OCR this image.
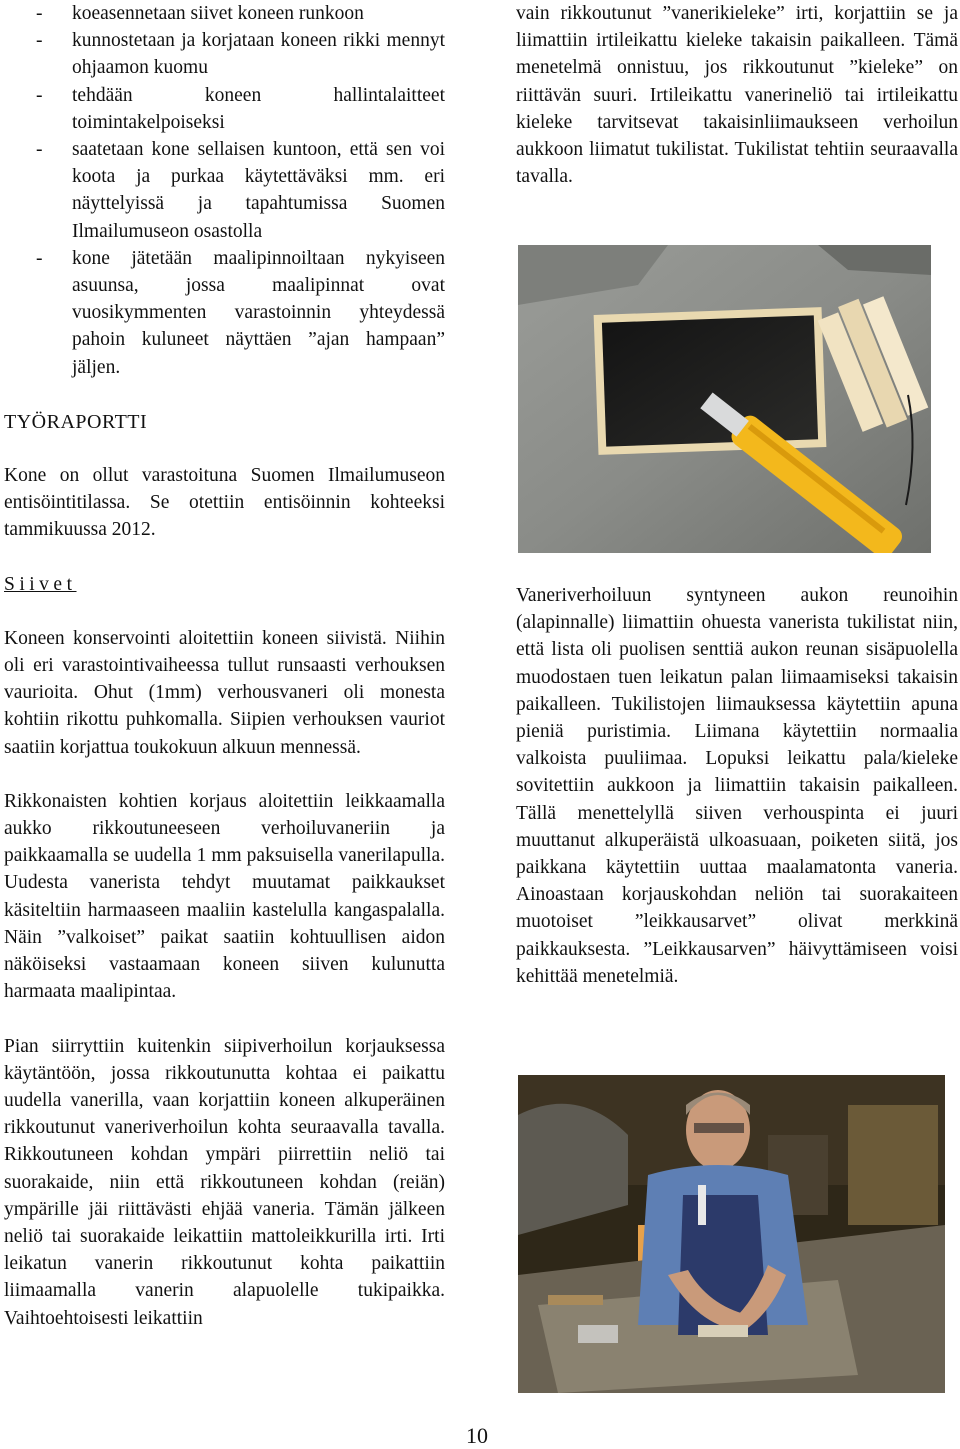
- koeasennetaan siivet koneen runkoon
- kunnostetaan ja korjataan koneen rikki mennyt ohjaamon kuomu
- tehdään koneen hallintalaitteet toimintakelpoiseksi
- saatetaan kone sellaisen kuntoon, että sen voi koota ja purkaa käytettäväksi mm. eri näyttelyissä ja tapahtumissa Suomen Ilmailumuseon osastolla
- kone jätetään maalipinnoiltaan nykyiseen asuunsa, jossa maalipinnat ovat vuosikymmenten varastoinnin yhteydessä pahoin kuluneet näyttäen ”ajan hampaan” jäljen.

TYÖRAPORTTI

Kone on ollut varastoituna Suomen Ilmailumuseon entisöintitilassa. Se otettiin entisöinnin kohteeksi tammikuussa 2012.

Siivet

Koneen konservointi aloitettiin koneen siivistä. Niihin oli eri varastointivaiheessa tullut runsaasti verhouksen vaurioita. Ohut (1mm) verhousvaneri oli monesta kohtiin rikottu puhkomalla. Siipien verhouksen vauriot saatiin korjattua toukokuun alkuun mennessä.

Rikkonaisten kohtien korjaus aloitettiin leikkaamalla aukko rikkoutuneeseen verhoiluvaneriin ja paikkaamalla se uudella 1 mm paksuisella vanerilapulla. Uudesta vanerista tehdyt muutamat paikkaukset käsiteltiin harmaaseen maaliin kastelulla kangaspalalla. Näin ”valkoiset” paikat saatiin kohtuullisen aidon näköiseksi vastaamaan koneen siiven kulunutta harmaata maalipintaa.

Pian siirryttiin kuitenkin siipiverhoilun korjauksessa käytäntöön, jossa rikkoutunutta kohtaa ei paikattu uudella vanerilla, vaan korjattiin koneen alkuperäinen rikkoutunut vaneriverhoilun kohta seuraavalla tavalla. Rikkoutuneen kohdan ympäri piirrettiin neliö tai suorakaide, niin että rikkoutuneen kohdan (reiän) ympärille jäi riittävästi ehjää vaneria. Tämän jälkeen neliö tai suorakaide leikattiin mattoleikkurilla irti. Irti leikatun vanerin rikkoutunut kohta paikattiin liimaamalla vanerin alapuolelle tukipaikka. Vaihtoehtoisesti leikattiin

vain rikkoutunut ”vanerikieleke” irti, korjattiin se ja liimattiin irtileikattu kieleke takaisin paikalleen. Tämä menetelmä onnistuu, jos rikkoutunut ”kieleke” on riittävän suuri. Irtileikattu vanerineliö tai irtileikattu kieleke tarvitsevat takaisinliimaukseen verhoilun aukkoon liimatut tukilistat. Tukilistat tehtiin seuraavalla tavalla.

Vaneriverhoiluun syntyneen aukon reunoihin (alapinnalle) liimattiin ohuesta vanerista tukilistat niin, että lista oli puolisen senttiä aukon reunan sisäpuolella muodostaen tuen leikatun palan liimaamiseksi takaisin paikalleen. Tukilistojen liimauksessa käytettiin apuna pieniä puristimia. Liimana käytettiin normaalia valkoista puuliimaa. Lopuksi leikattu pala/kieleke sovitettiin aukkoon ja liimattiin takaisin paikalleen. Tällä menettelyllä siiven verhouspinta ei juuri muuttanut alkuperäistä ulkoasuaan, poiketen siitä, jos paikkana käytettiin uuttaa maalamatonta vaneria. Ainoastaan korjauskohdan neliön tai suorakaiteen muotoiset ”leikkausarvet” olivat merkkinä paikkauksesta. ”Leikkausarven” häivyttämiseen voisi kehittää menetelmiä.

10
